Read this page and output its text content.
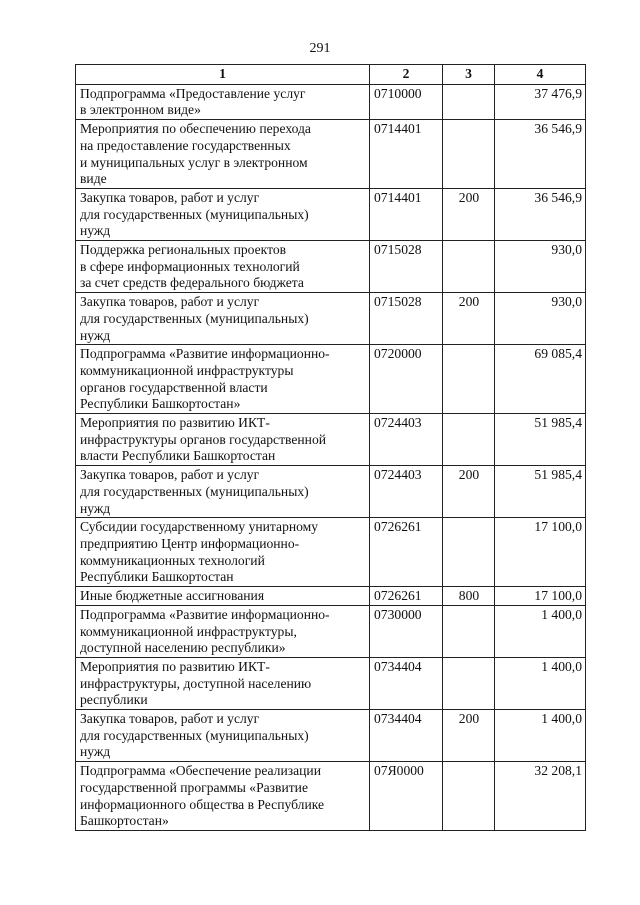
291
1	2	3	4
Подпрограмма «Предоставление услуг
в электронном виде»	0710000		37 476,9
Мероприятия по обеспечению перехода
на предоставление государственных
и муниципальных услуг в электронном
виде	0714401		36 546,9
Закупка товаров, работ и услуг
для государственных (муниципальных)
нужд	0714401	200	36 546,9
Поддержка региональных проектов
в сфере информационных технологий
за счет средств федерального бюджета	0715028		930,0
Закупка товаров, работ и услуг
для государственных (муниципальных)
нужд	0715028	200	930,0
Подпрограмма «Развитие информационно-
коммуникационной инфраструктуры
органов государственной власти
Республики Башкортостан»	0720000		69 085,4
Мероприятия по развитию ИКТ-
инфраструктуры органов государственной
власти Республики Башкортостан	0724403		51 985,4
Закупка товаров, работ и услуг
для государственных (муниципальных)
нужд	0724403	200	51 985,4
Субсидии государственному унитарному
предприятию Центр информационно-
коммуникационных технологий
Республики Башкортостан	0726261		17 100,0
Иные бюджетные ассигнования	0726261	800	17 100,0
Подпрограмма «Развитие информационно-
коммуникационной инфраструктуры,
доступной населению республики»	0730000		1 400,0
Мероприятия по развитию ИКТ-
инфраструктуры, доступной населению
республики	0734404		1 400,0
Закупка товаров, работ и услуг
для государственных (муниципальных)
нужд	0734404	200	1 400,0
Подпрограмма «Обеспечение реализации
государственной программы «Развитие
информационного общества в Республике
Башкортостан»	07Я0000		32 208,1
